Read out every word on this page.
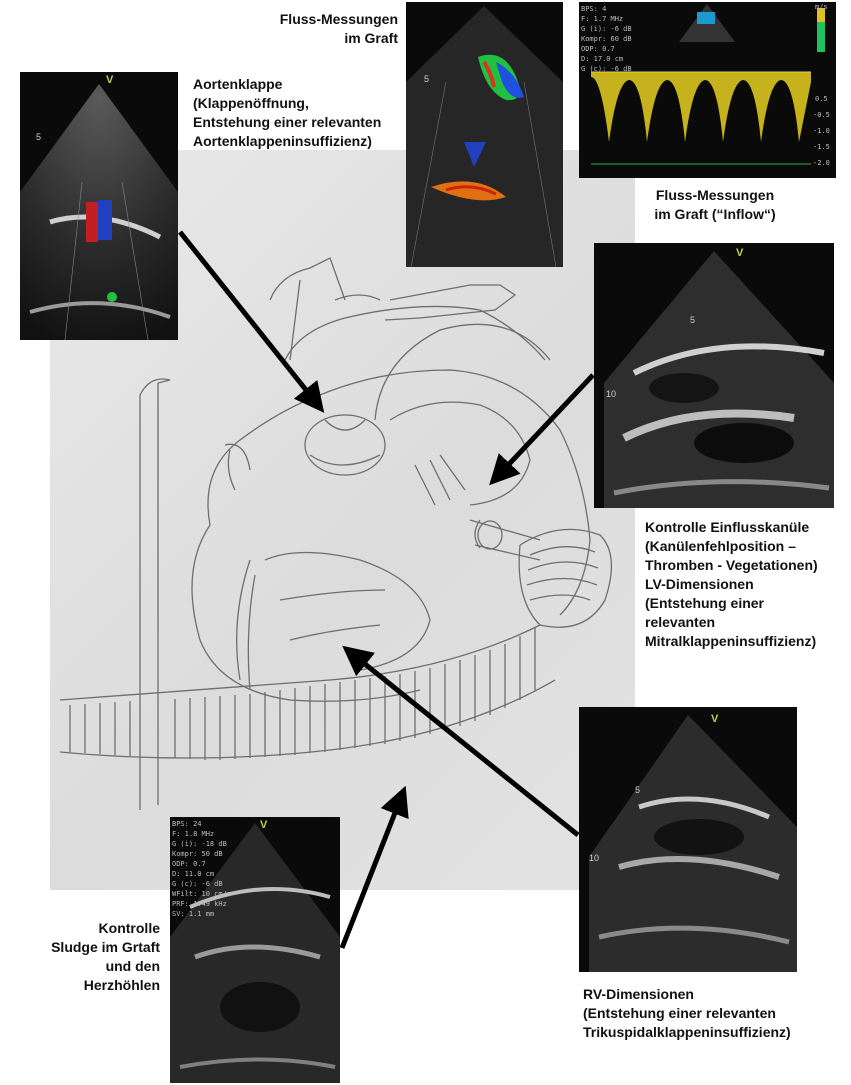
V
5
5
BPS: 4
F: 1.7 MHz
G (i): -6 dB
Kompr: 60 dB
ODP: 0.7
D: 17.0 cm
G (c): -6 dB
m/s
0.5
-0.5
-1.0
-1.5
-2.0
V
5
10
V
5
10
V
BPS: 24
F: 1.8 MHz
G (i): -18 dB
Kompr: 50 dB
ODP: 0.7
D: 11.0 cm
G (c): -6 dB
WFilt: 10 cm/s
PRF: 1.49 kHz
SV: 1.1 mm
Aortenklappe
(Klappenöffnung,
Entstehung einer relevanten
Aortenklappeninsuffizienz)
Fluss-Messungen
im Graft
Fluss-Messungen
im Graft (“Inflow“)
Kontrolle Einflusskanüle
(Kanülenfehlposition –
Thromben - Vegetationen)
LV-Dimensionen
(Entstehung einer
relevanten
Mitralklappeninsuffizienz)
RV-Dimensionen
(Entstehung einer relevanten
Trikuspidalklappeninsuffizienz)
Kontrolle
Sludge im Grtaft
und den
Herzhöhlen
